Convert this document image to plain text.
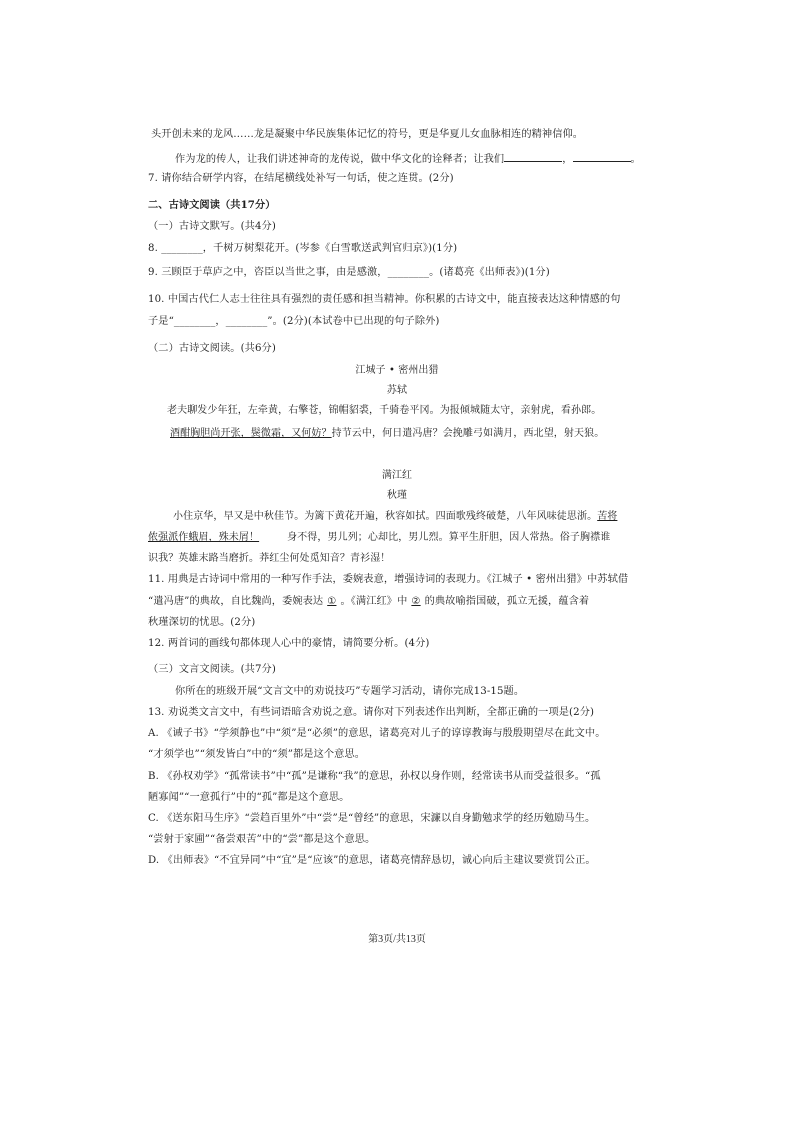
头开创未来的龙风……龙是凝聚中华民族集体记忆的符号，更是华夏儿女血脉相连的精神信仰。
作为龙的传人，让我们讲述神奇的龙传说，做中华文化的诠释者；让我们	，	。
7. 请你结合研学内容，在结尾横线处补写一句话，使之连贯。(2分)
二、古诗文阅读（共17分）
（一）古诗文默写。(共4分)
8. ________，千树万树梨花开。(岑参《白雪歌送武判官归京》)(1分)
9. 三顾臣于草庐之中，咨臣以当世之事，由是感激，________。(诸葛亮《出师表》)(1分)
10. 中国古代仁人志士往往具有强烈的责任感和担当精神。你积累的古诗文中，能直接表达这种情感的句
子是“________，________”。(2分)(本试卷中已出现的句子除外)
（二）古诗文阅读。(共6分)
江城子 • 密州出猎
苏轼
老夫聊发少年狂，左牵黄，右擎苍，锦帽貂裘，千骑卷平冈。为报倾城随太守，亲射虎，看孙郎。
酒酣胸胆尚开张，鬓微霜，又何妨？持节云中，何日遣冯唐？会挽雕弓如满月，西北望，射天狼。
满江红
秋瑾
小住京华，早又是中秋佳节。为篱下黄花开遍，秋容如拭。四面歌残终破楚，八年风味徒思浙。苦将
侬强派作蛾眉，殊未屑！	身不得，男儿列；心却比，男儿烈。算平生肝胆，因人常热。俗子胸襟谁
识我？英雄末路当磨折。莽红尘何处觅知音？青衫湿！
11. 用典是古诗词中常用的一种写作手法，委婉表意，增强诗词的表现力。《江城子 • 密州出猎》中苏轼借
“遣冯唐”的典故，自比魏尚，委婉表达 ① 。《满江红》中 ② 的典故喻指国破，孤立无援，蕴含着
秋瑾深切的忧思。(2分)
12. 两首词的画线句都体现人心中的豪情，请简要分析。(4分)
（三）文言文阅读。(共7分)
你所在的班级开展“文言文中的劝说技巧”专题学习活动，请你完成13-15题。
13. 劝说类文言文中，有些词语暗含劝说之意。请你对下列表述作出判断，全都正确的一项是(2分)
A. 《诫子书》“学须静也”中“须”是“必须”的意思，诸葛亮对儿子的谆谆教诲与殷殷期望尽在此文中。
“才须学也”“须发皆白”中的“须”都是这个意思。
B. 《孙权劝学》“孤常读书”中“孤”是谦称“我”的意思，孙权以身作则，经常读书从而受益很多。“孤
陋寡闻”“一意孤行”中的“孤”都是这个意思。
C. 《送东阳马生序》“尝趋百里外”中“尝”是“曾经”的意思，宋濂以自身勤勉求学的经历勉励马生。
“尝射于家圃”“备尝艰苦”中的“尝”都是这个意思。
D. 《出师表》“不宜异同”中“宜”是“应该”的意思，诸葛亮情辞恳切，诚心向后主建议要赏罚公正。
第3页/共13页
